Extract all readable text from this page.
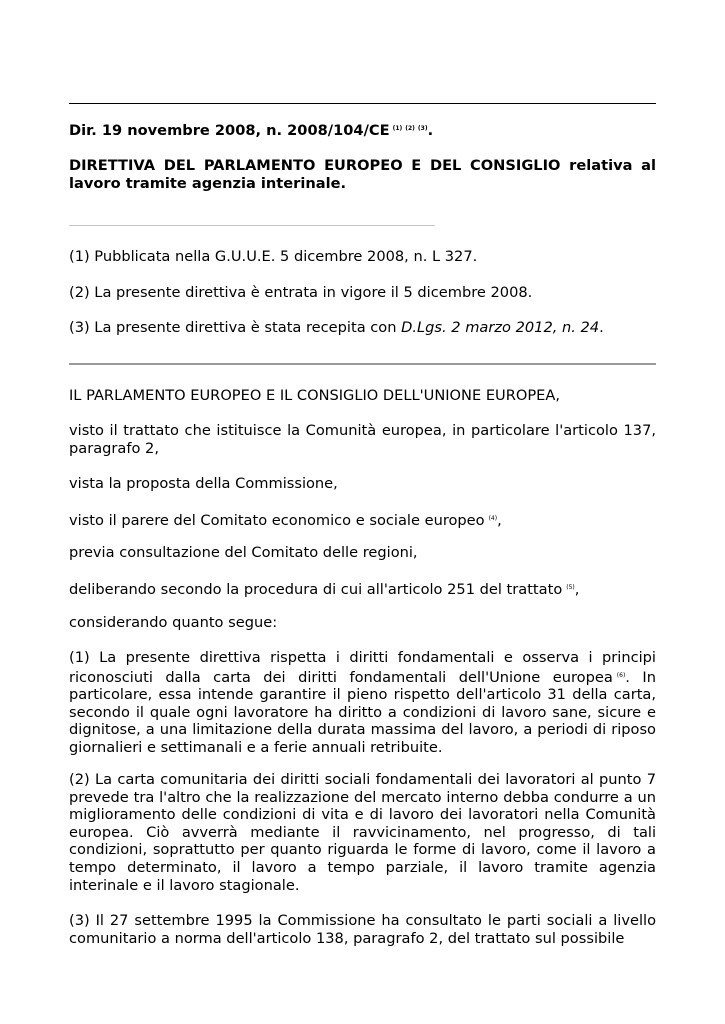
Dir. 19 novembre 2008, n. 2008/104/CE $^{(1)}$ $^{(2)}$ $^{(3)}$.
DIRETTIVA DEL PARLAMENTO EUROPEO E DEL CONSIGLIO relativa al lavoro tramite agenzia interinale.
(1) Pubblicata nella G.U.U.E. 5 dicembre 2008, n. L 327.
(2) La presente direttiva è entrata in vigore il 5 dicembre 2008.
(3) La presente direttiva è stata recepita con D.Lgs. 2 marzo 2012, n. 24.
IL PARLAMENTO EUROPEO E IL CONSIGLIO DELL'UNIONE EUROPEA,
visto il trattato che istituisce la Comunità europea, in particolare l'articolo 137, paragrafo 2,
vista la proposta della Commissione,
visto il parere del Comitato economico e sociale europeo $^{(4)}$,
previa consultazione del Comitato delle regioni,
deliberando secondo la procedura di cui all'articolo 251 del trattato $^{(5)}$,
considerando quanto segue:
(1) La presente direttiva rispetta i diritti fondamentali e osserva i principi riconosciuti dalla carta dei diritti fondamentali dell'Unione europea $^{(6)}$. In particolare, essa intende garantire il pieno rispetto dell'articolo 31 della carta, secondo il quale ogni lavoratore ha diritto a condizioni di lavoro sane, sicure e dignitose, a una limitazione della durata massima del lavoro, a periodi di riposo giornalieri e settimanali e a ferie annuali retribuite.
(2) La carta comunitaria dei diritti sociali fondamentali dei lavoratori al punto 7 prevede tra l'altro che la realizzazione del mercato interno debba condurre a un miglioramento delle condizioni di vita e di lavoro dei lavoratori nella Comunità europea. Ciò avverrà mediante il ravvicinamento, nel progresso, di tali condizioni, soprattutto per quanto riguarda le forme di lavoro, come il lavoro a tempo determinato, il lavoro a tempo parziale, il lavoro tramite agenzia interinale e il lavoro stagionale.
(3) Il 27 settembre 1995 la Commissione ha consultato le parti sociali a livello comunitario a norma dell'articolo 138, paragrafo 2, del trattato sul possibile
